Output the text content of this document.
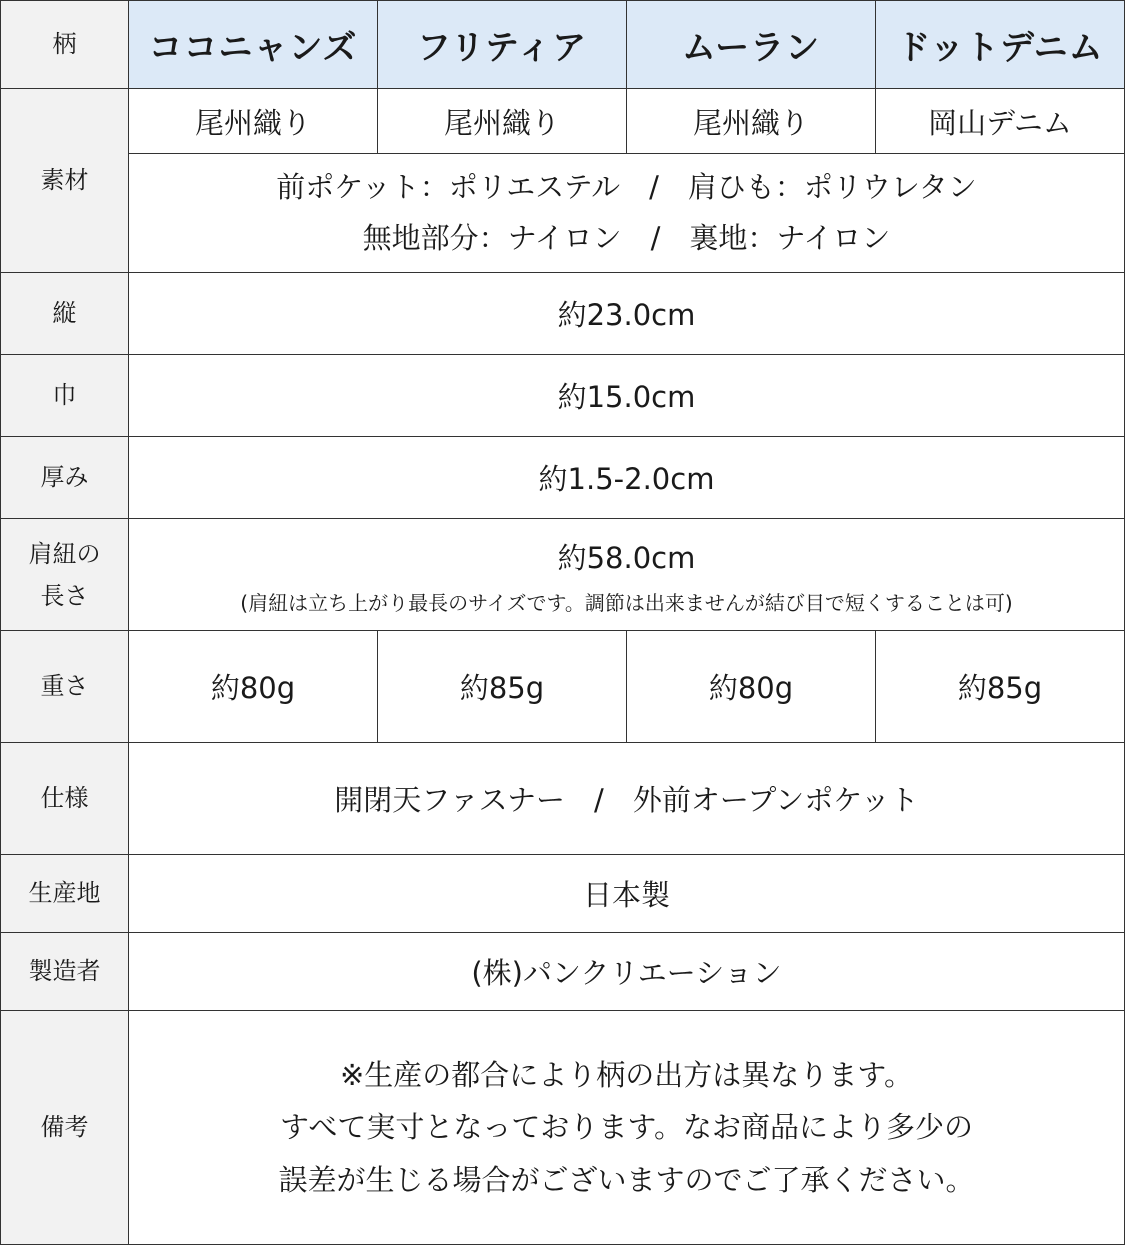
柄	ココニャンズ	フリティア	ムーラン	ドットデニム
素材	尾州織り	尾州織り	尾州織り	岡山デニム

	前ポケット：ポリエステル　/　肩ひも：ポリウレタン
無地部分：ナイロン　/　裏地：ナイロン			

縦	約23.0cm			
巾	約15.0cm			
厚み	約1.5-2.0cm			

肩紐の
長さ	約58.0cm
(肩紐は立ち上がり最長のサイズです。調節は出来ませんが結び目で短くすることは可)			

重さ	約80g	約85g	約80g	約85g
仕様	開閉天ファスナー　/　外前オープンポケット			
生産地	日本製			
製造者	(株)パンクリエーション			
備考	※生産の都合により柄の出方は異なります。
すべて実寸となっております。なお商品により多少の
誤差が生じる場合がございますのでご了承ください。			
